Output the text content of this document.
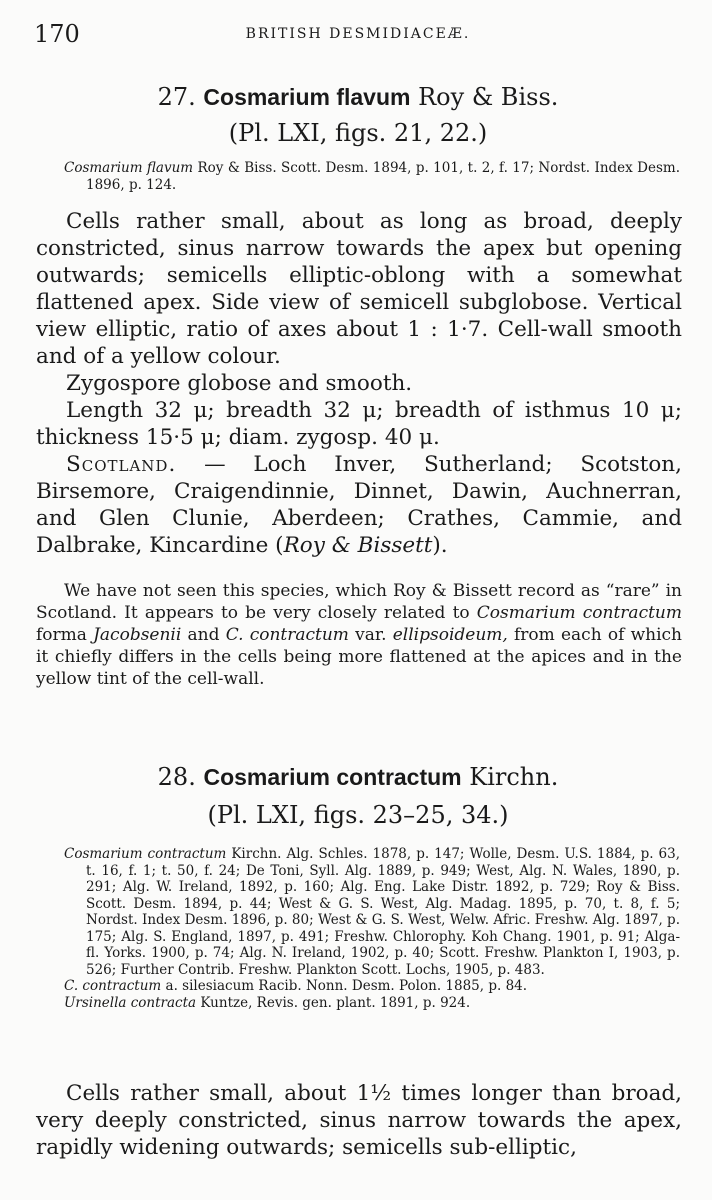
170	BRITISH DESMIDIACEÆ.
27. Cosmarium flavum Roy & Biss.
(Pl. LXI, figs. 21, 22.)

Cosmarium flavum Roy & Biss. Scott. Desm. 1894, p. 101, t. 2, f. 17; Nordst. Index Desm. 1896, p. 124.

Cells rather small, about as long as broad, deeply constricted, sinus narrow towards the apex but opening outwards; semicells elliptic-oblong with a somewhat flattened apex. Side view of semicell subglobose. Vertical view elliptic, ratio of axes about 1 : 1·7. Cell-wall smooth and of a yellow colour.

Zygospore globose and smooth.

Length 32 μ; breadth 32 μ; breadth of isthmus 10 μ; thickness 15·5 μ; diam. zygosp. 40 μ.

Scotland. — Loch Inver, Sutherland; Scotston, Birsemore, Craigendinnie, Dinnet, Dawin, Auchnerran, and Glen Clunie, Aberdeen; Crathes, Cammie, and Dalbrake, Kincardine (Roy & Bissett).

We have not seen this species, which Roy & Bissett record as “rare” in Scotland. It appears to be very closely related to Cosmarium contractum forma Jacobsenii and C. contractum var. ellipsoideum, from each of which it chiefly differs in the cells being more flattened at the apices and in the yellow tint of the cell-wall.

28. Cosmarium contractum Kirchn.
(Pl. LXI, figs. 23–25, 34.)

Cosmarium contractum Kirchn. Alg. Schles. 1878, p. 147; Wolle, Desm. U.S. 1884, p. 63, t. 16, f. 1; t. 50, f. 24; De Toni, Syll. Alg. 1889, p. 949; West, Alg. N. Wales, 1890, p. 291; Alg. W. Ireland, 1892, p. 160; Alg. Eng. Lake Distr. 1892, p. 729; Roy & Biss. Scott. Desm. 1894, p. 44; West & G. S. West, Alg. Madag. 1895, p. 70, t. 8, f. 5; Nordst. Index Desm. 1896, p. 80; West & G. S. West, Welw. Afric. Freshw. Alg. 1897, p. 175; Alg. S. England, 1897, p. 491; Freshw. Chlorophy. Koh Chang. 1901, p. 91; Alga-fl. Yorks. 1900, p. 74; Alg. N. Ireland, 1902, p. 40; Scott. Freshw. Plankton I, 1903, p. 526; Further Contrib. Freshw. Plankton Scott. Lochs, 1905, p. 483.

C. contractum a. silesiacum Racib. Nonn. Desm. Polon. 1885, p. 84.

Ursinella contracta Kuntze, Revis. gen. plant. 1891, p. 924.

Cells rather small, about 1½ times longer than broad, very deeply constricted, sinus narrow towards the apex, rapidly widening outwards; semicells sub-elliptic,
